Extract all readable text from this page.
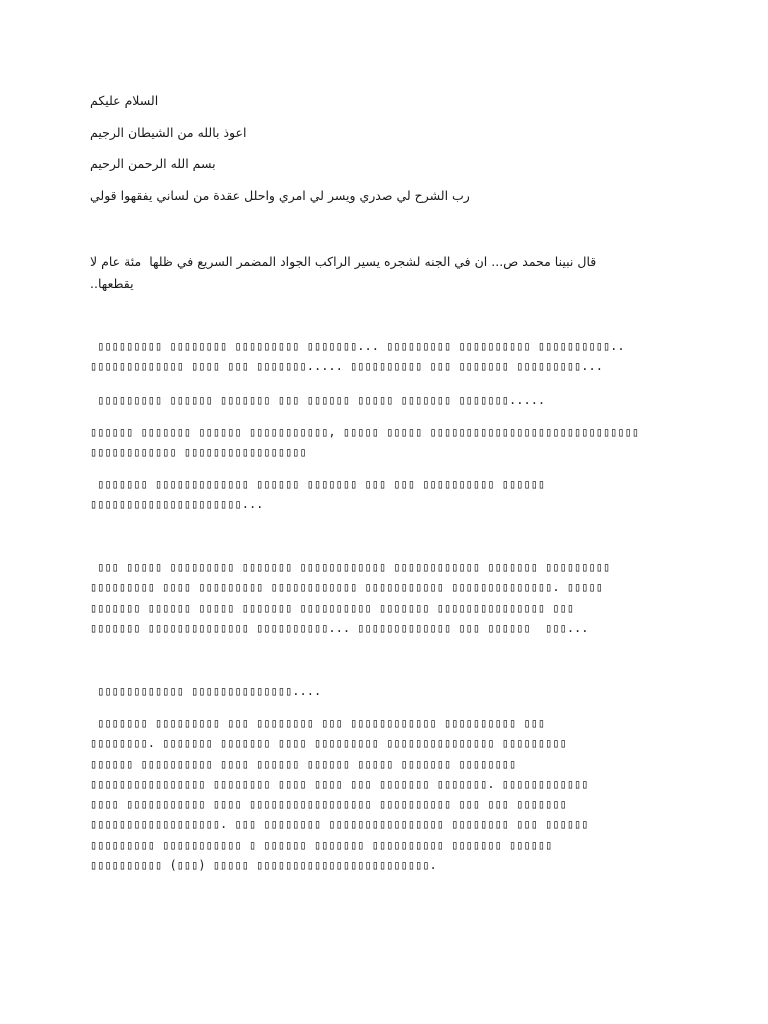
السلام عليكم
اعوذ بالله من الشيطان الرجيم
بسم الله الرحمن الرحيم
رب الشرح لي صدري ويسر لي امري واحلل عقدة من لساني يفقهوا قولي
قال نبينا محمد ص... ان في الجنه لشجره يسير الراكب الجواد المضمر السريع في ظلها  مئة عام لا
يقطعها..
▯▯▯▯▯▯▯▯▯ ▯▯▯▯▯▯▯▯ ▯▯▯▯▯▯▯▯▯ ▯▯▯▯▯▯▯... ▯▯▯▯▯▯▯▯▯ ▯▯▯▯▯▯▯▯▯▯ ▯▯▯▯▯▯▯▯▯▯..
▯▯▯▯▯▯▯▯▯▯▯▯▯ ▯▯▯▯ ▯▯▯ ▯▯▯▯▯▯▯..... ▯▯▯▯▯▯▯▯▯▯ ▯▯▯ ▯▯▯▯▯▯▯ ▯▯▯▯▯▯▯▯▯...
▯▯▯▯▯▯▯▯▯ ▯▯▯▯▯▯ ▯▯▯▯▯▯▯ ▯▯▯ ▯▯▯▯▯▯ ▯▯▯▯▯ ▯▯▯▯▯▯▯ ▯▯▯▯▯▯▯.....
▯▯▯▯▯▯ ▯▯▯▯▯▯▯ ▯▯▯▯▯▯ ▯▯▯▯▯▯▯▯▯▯▯, ▯▯▯▯▯ ▯▯▯▯▯ ▯▯▯▯▯▯▯▯▯▯▯▯▯▯▯▯▯▯▯▯▯▯▯▯▯▯▯▯▯
▯▯▯▯▯▯▯▯▯▯▯▯ ▯▯▯▯▯▯▯▯▯▯▯▯▯▯▯▯▯
▯▯▯▯▯▯▯ ▯▯▯▯▯▯▯▯▯▯▯▯▯ ▯▯▯▯▯▯ ▯▯▯▯▯▯▯ ▯▯▯ ▯▯▯ ▯▯▯▯▯▯▯▯▯▯ ▯▯▯▯▯▯
▯▯▯▯▯▯▯▯▯▯▯▯▯▯▯▯▯▯▯▯▯...
▯▯▯ ▯▯▯▯▯ ▯▯▯▯▯▯▯▯▯ ▯▯▯▯▯▯▯ ▯▯▯▯▯▯▯▯▯▯▯▯ ▯▯▯▯▯▯▯▯▯▯▯▯ ▯▯▯▯▯▯▯ ▯▯▯▯▯▯▯▯▯
▯▯▯▯▯▯▯▯▯ ▯▯▯▯ ▯▯▯▯▯▯▯▯▯ ▯▯▯▯▯▯▯▯▯▯▯▯ ▯▯▯▯▯▯▯▯▯▯▯ ▯▯▯▯▯▯▯▯▯▯▯▯▯▯. ▯▯▯▯▯
▯▯▯▯▯▯▯ ▯▯▯▯▯▯ ▯▯▯▯▯ ▯▯▯▯▯▯▯ ▯▯▯▯▯▯▯▯▯▯ ▯▯▯▯▯▯▯ ▯▯▯▯▯▯▯▯▯▯▯▯▯▯▯ ▯▯▯
▯▯▯▯▯▯▯ ▯▯▯▯▯▯▯▯▯▯▯▯▯▯ ▯▯▯▯▯▯▯▯▯▯... ▯▯▯▯▯▯▯▯▯▯▯▯▯ ▯▯▯ ▯▯▯▯▯▯  ▯▯▯...
▯▯▯▯▯▯▯▯▯▯▯▯ ▯▯▯▯▯▯▯▯▯▯▯▯▯▯....
▯▯▯▯▯▯▯ ▯▯▯▯▯▯▯▯▯ ▯▯▯ ▯▯▯▯▯▯▯▯ ▯▯▯ ▯▯▯▯▯▯▯▯▯▯▯▯ ▯▯▯▯▯▯▯▯▯▯ ▯▯▯
▯▯▯▯▯▯▯▯. ▯▯▯▯▯▯▯ ▯▯▯▯▯▯▯ ▯▯▯▯ ▯▯▯▯▯▯▯▯▯ ▯▯▯▯▯▯▯▯▯▯▯▯▯▯▯ ▯▯▯▯▯▯▯▯▯
▯▯▯▯▯▯ ▯▯▯▯▯▯▯▯▯▯ ▯▯▯▯ ▯▯▯▯▯▯ ▯▯▯▯▯▯ ▯▯▯▯▯ ▯▯▯▯▯▯▯ ▯▯▯▯▯▯▯▯
▯▯▯▯▯▯▯▯▯▯▯▯▯▯▯▯ ▯▯▯▯▯▯▯▯ ▯▯▯▯ ▯▯▯▯ ▯▯▯ ▯▯▯▯▯▯▯ ▯▯▯▯▯▯▯. ▯▯▯▯▯▯▯▯▯▯▯▯
▯▯▯▯ ▯▯▯▯▯▯▯▯▯▯▯ ▯▯▯▯ ▯▯▯▯▯▯▯▯▯▯▯▯▯▯▯▯▯ ▯▯▯▯▯▯▯▯▯▯ ▯▯▯ ▯▯▯ ▯▯▯▯▯▯▯
▯▯▯▯▯▯▯▯▯▯▯▯▯▯▯▯▯▯. ▯▯▯ ▯▯▯▯▯▯▯▯ ▯▯▯▯▯▯▯▯▯▯▯▯▯▯▯▯ ▯▯▯▯▯▯▯▯ ▯▯▯ ▯▯▯▯▯▯
▯▯▯▯▯▯▯▯▯ ▯▯▯▯▯▯▯▯▯▯▯ ▯ ▯▯▯▯▯▯ ▯▯▯▯▯▯▯ ▯▯▯▯▯▯▯▯▯▯ ▯▯▯▯▯▯▯ ▯▯▯▯▯▯
▯▯▯▯▯▯▯▯▯▯ (▯▯▯) ▯▯▯▯▯ ▯▯▯▯▯▯▯▯▯▯▯▯▯▯▯▯▯▯▯▯▯▯▯▯.
